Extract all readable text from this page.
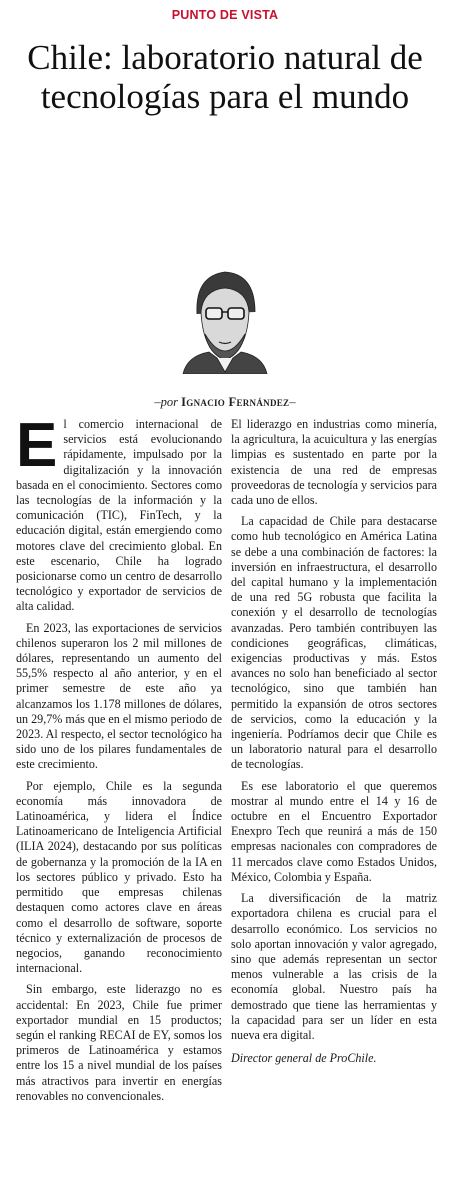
PUNTO DE VISTA
Chile: laboratorio natural de tecnologías para el mundo
–por Ignacio Fernández–

El comercio internacional de servicios está evolucionando rápidamente, impulsado por la digitalización y la innovación basada en el conocimiento. Sectores como las tecnologías de la información y la comunicación (TIC), FinTech, y la educación digital, están emergiendo como motores clave del crecimiento global. En este escenario, Chile ha logrado posicionarse como un centro de desarrollo tecnológico y exportador de servicios de alta calidad.

En 2023, las exportaciones de servicios chilenos superaron los 2 mil millones de dólares, representando un aumento del 55,5% respecto al año anterior, y en el primer semestre de este año ya alcanzamos los 1.178 millones de dólares, un 29,7% más que en el mismo periodo de 2023. Al respecto, el sector tecnológico ha sido uno de los pilares fundamentales de este crecimiento.

Por ejemplo, Chile es la segunda economía más innovadora de Latinoamérica, y lidera el Índice Latinoamericano de Inteligencia Artificial (ILIA 2024), destacando por sus políticas de gobernanza y la promoción de la IA en los sectores público y privado. Esto ha permitido que empresas chilenas destaquen como actores clave en áreas como el desarrollo de software, soporte técnico y externalización de procesos de negocios, ganando reconocimiento internacional.

Sin embargo, este liderazgo no es accidental: En 2023, Chile fue primer exportador mundial en 15 productos; según el ranking RECAI de EY, somos los primeros de Latinoamérica y estamos entre los 15 a nivel mundial de los países más atractivos para invertir en energías renovables no convencionales.

El liderazgo en industrias como minería, la agricultura, la acuicultura y las energías limpias es sustentado en parte por la existencia de una red de empresas proveedoras de tecnología y servicios para cada uno de ellos.

La capacidad de Chile para destacarse como hub tecnológico en América Latina se debe a una combinación de factores: la inversión en infraestructura, el desarrollo del capital humano y la implementación de una red 5G robusta que facilita la conexión y el desarrollo de tecnologías avanzadas. Pero también contribuyen las condiciones geográficas, climáticas, exigencias productivas y más. Estos avances no solo han beneficiado al sector tecnológico, sino que también han permitido la expansión de otros sectores de servicios, como la educación y la ingeniería. Podríamos decir que Chile es un laboratorio natural para el desarrollo de tecnologías.

Es ese laboratorio el que queremos mostrar al mundo entre el 14 y 16 de octubre en el Encuentro Exportador Enexpro Tech que reunirá a más de 150 empresas nacionales con compradores de 11 mercados clave como Estados Unidos, México, Colombia y España.

La diversificación de la matriz exportadora chilena es crucial para el desarrollo económico. Los servicios no solo aportan innovación y valor agregado, sino que además representan un sector menos vulnerable a las crisis de la economía global. Nuestro país ha demostrado que tiene las herramientas y la capacidad para ser un líder en esta nueva era digital.

Director general de ProChile.
